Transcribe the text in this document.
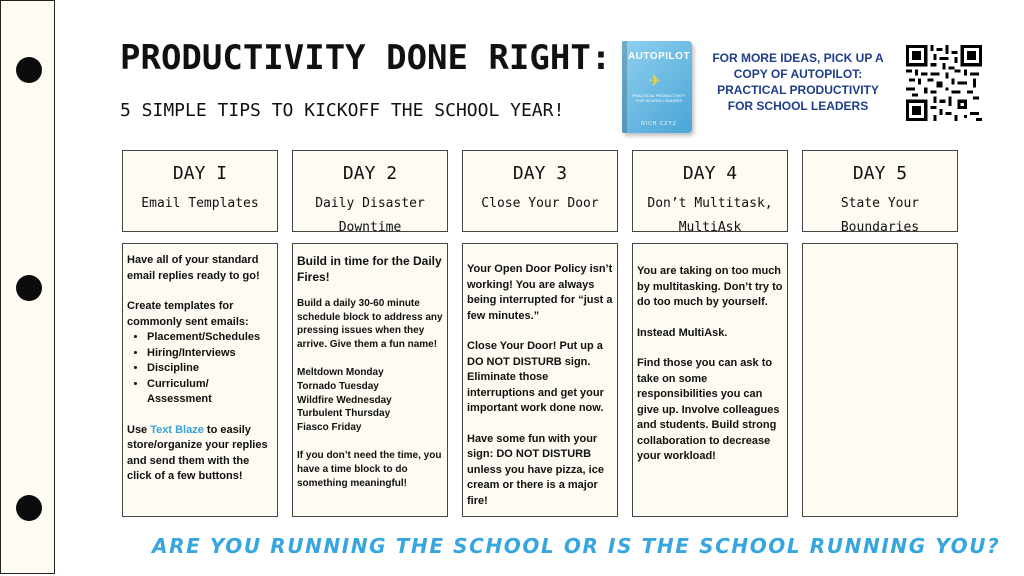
PRODUCTIVITY DONE RIGHT:
5 SIMPLE TIPS TO KICKOFF THE SCHOOL YEAR!
AUTOPILOT
✈
PRACTICAL PRODUCTIVITY FOR SCHOOL LEADERS
RICH CZYZ
FOR MORE IDEAS, PICK UP A COPY OF AUTOPILOT: PRACTICAL PRODUCTIVITY FOR SCHOOL LEADERS
DAY I
Email Templates
DAY 2
Daily Disaster Downtime
DAY 3
Close Your Door
DAY 4
Don’t Multitask, MultiAsk
DAY 5
State Your Boundaries

Have all of your standard email replies ready to go!

Create templates for commonly sent emails:

• Placement/Schedules
• Hiring/Interviews
• Discipline
• Curriculum/ Assessment

Use Text Blaze to easily store/organize your replies and send them with the click of a few buttons!

Build in time for the Daily Fires!

Build a daily 30-60 minute schedule block to address any pressing issues when they arrive. Give them a fun name!

Meltdown Monday
Tornado Tuesday
Wildfire Wednesday
Turbulent Thursday
Fiasco Friday

If you don’t need the time, you have a time block to do something meaningful!

Your Open Door Policy isn’t working! You are always being interrupted for “just a few minutes.”

Close Your Door! Put up a DO NOT DISTURB sign. Eliminate those interruptions and get your important work done now.

Have some fun with your sign: DO NOT DISTURB unless you have pizza, ice cream or there is a major fire!

You are taking on too much by multitasking. Don’t try to do too much by yourself.

Instead MultiAsk.

Find those you can ask to take on some responsibilities you can give up. Involve colleagues and students. Build strong collaboration to decrease your workload!

ARE YOU RUNNING THE SCHOOL OR IS THE SCHOOL RUNNING YOU?
